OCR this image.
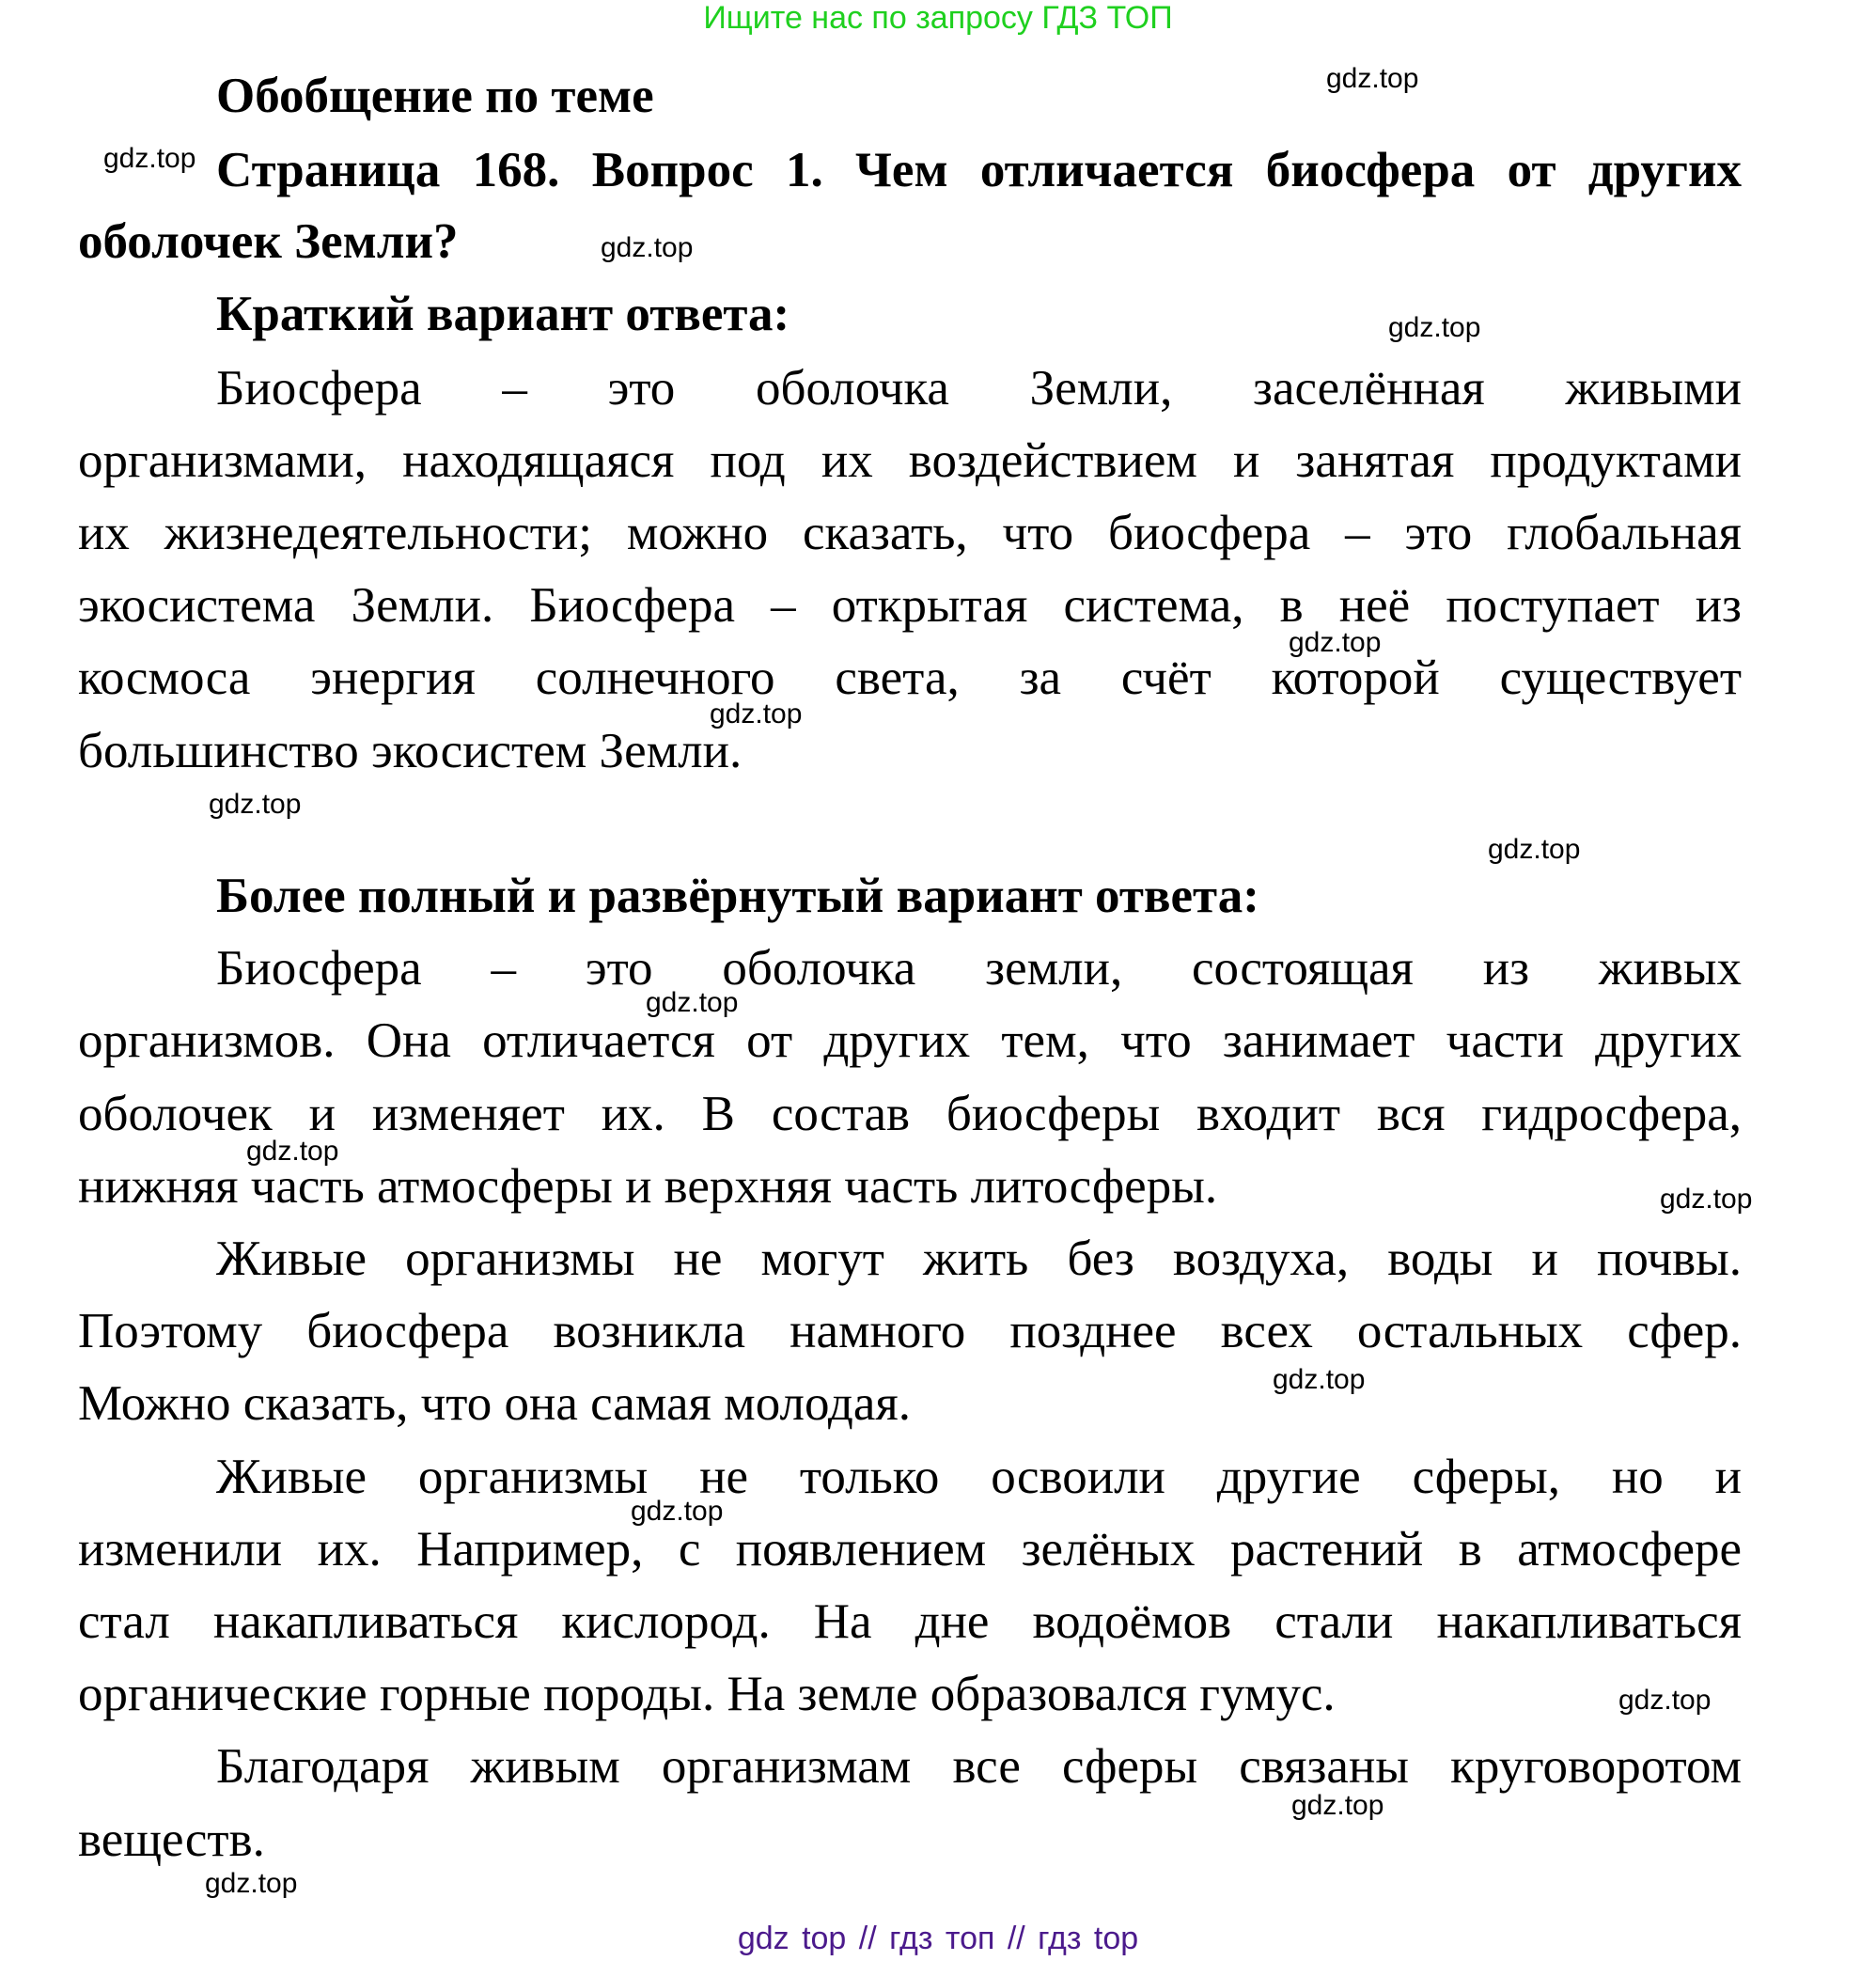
Ищите нас по запросу ГДЗ ТОП
Обобщение по теме
Страница 168. Вопрос 1. Чем отличается биосфера от других
оболочек Земли?
Краткий вариант ответа:
Биосфера – это оболочка Земли, заселённая живыми
организмами, находящаяся под их воздействием и занятая продуктами
их жизнедеятельности; можно сказать, что биосфера – это глобальная
экосистема Земли. Биосфера – открытая система, в неё поступает из
космоса энергия солнечного света, за счёт которой существует
большинство экосистем Земли.
Более полный и развёрнутый вариант ответа:
Биосфера – это оболочка земли, состоящая из живых
организмов. Она отличается от других тем, что занимает части других
оболочек и изменяет их. В состав биосферы входит вся гидросфера,
нижняя часть атмосферы и верхняя часть литосферы.
Живые организмы не могут жить без воздуха, воды и почвы.
Поэтому биосфера возникла намного позднее всех остальных сфер.
Можно сказать, что она самая молодая.
Живые организмы не только освоили другие сферы, но и
изменили их. Например, с появлением зелёных растений в атмосфере
стал накапливаться кислород. На дне водоёмов стали накапливаться
органические горные породы. На земле образовался гумус.
Благодаря живым организмам все сферы связаны круговоротом
веществ.
gdz.top
gdz.top
gdz.top
gdz.top
gdz.top
gdz.top
gdz.top
gdz.top
gdz.top
gdz.top
gdz.top
gdz.top
gdz.top
gdz.top
gdz.top
gdz.top
gdz top // гдз топ // гдз top
